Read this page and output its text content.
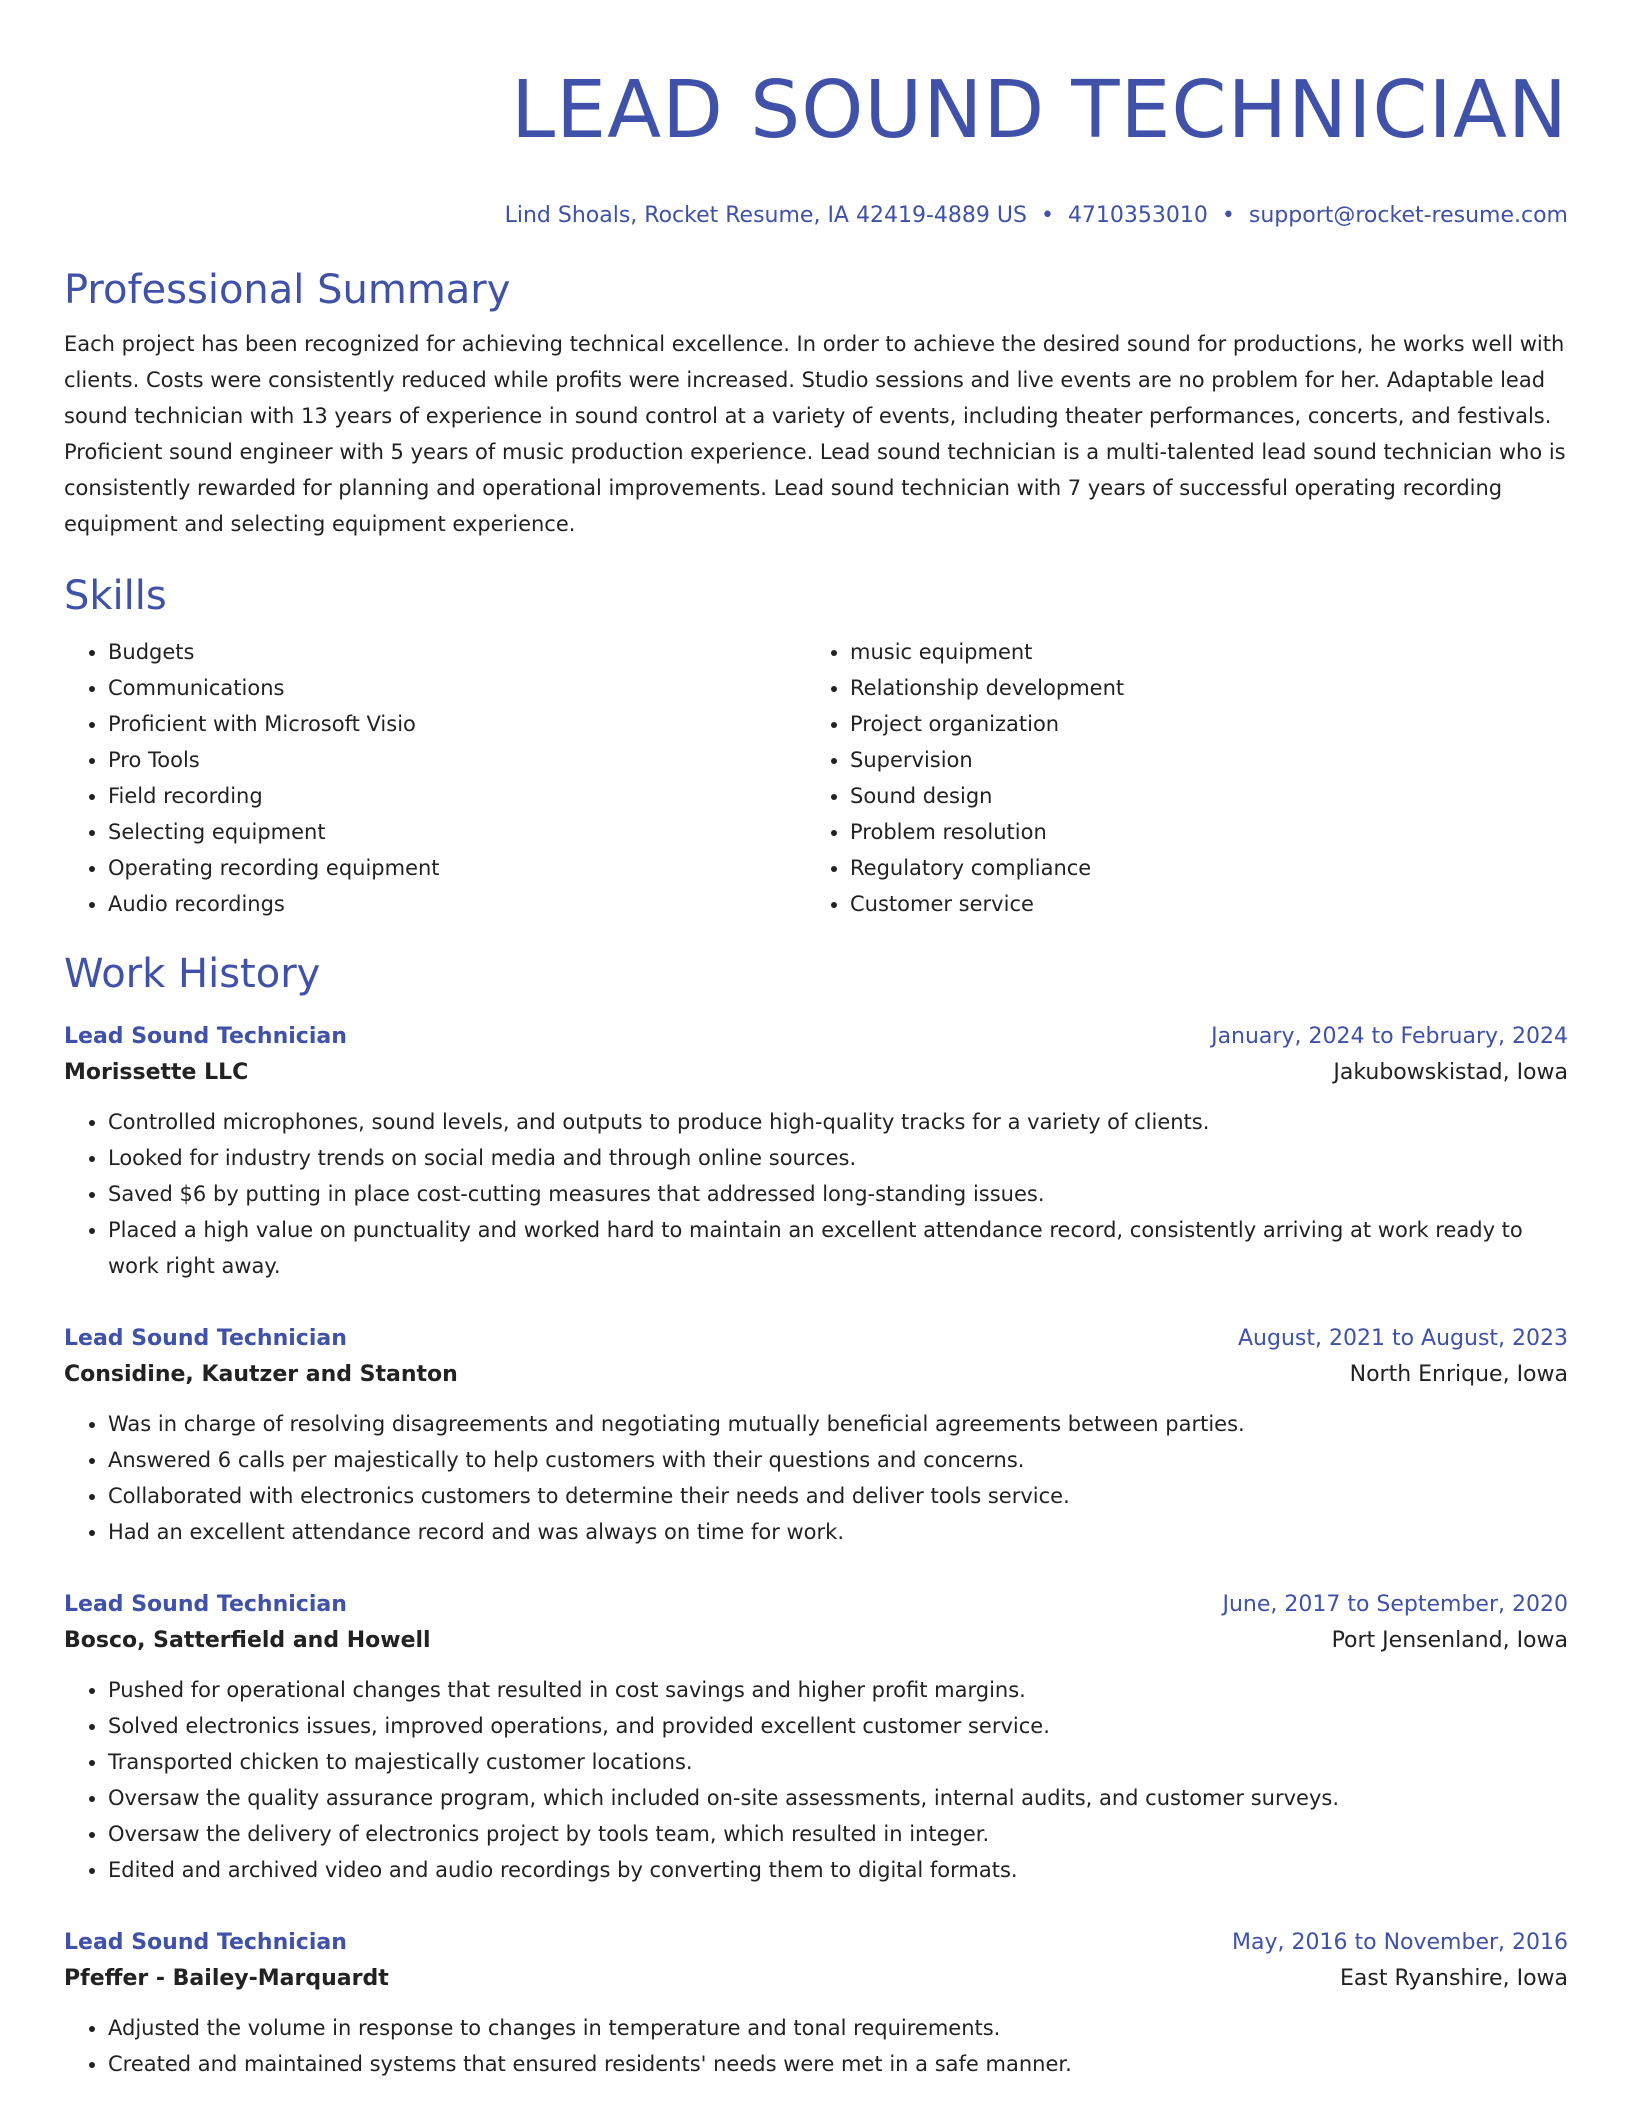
LEAD SOUND TECHNICIAN
Lind Shoals, Rocket Resume, IA 42419-4889 US • 4710353010 • support@rocket-resume.com
Professional Summary

Each project has been recognized for achieving technical excellence. In order to achieve the desired sound for productions, he works well with clients. Costs were consistently reduced while profits were increased. Studio sessions and live events are no problem for her. Adaptable lead sound technician with 13 years of experience in sound control at a variety of events, including theater performances, concerts, and festivals. Proficient sound engineer with 5 years of music production experience. Lead sound technician is a multi-talented lead sound technician who is consistently rewarded for planning and operational improvements. Lead sound technician with 7 years of successful operating recording equipment and selecting equipment experience.

Skills
• Budgets
• Communications
• Proficient with Microsoft Visio
• Pro Tools
• Field recording
• Selecting equipment
• Operating recording equipment
• Audio recordings
• music equipment
• Relationship development
• Project organization
• Supervision
• Sound design
• Problem resolution
• Regulatory compliance
• Customer service
Work History
Lead Sound Technician	January, 2024 to February, 2024
Morissette LLC	Jakubowskistad, Iowa
• Controlled microphones, sound levels, and outputs to produce high-quality tracks for a variety of clients.
• Looked for industry trends on social media and through online sources.
• Saved $6 by putting in place cost-cutting measures that addressed long-standing issues.
• Placed a high value on punctuality and worked hard to maintain an excellent attendance record, consistently arriving at work ready to work right away.
Lead Sound Technician	August, 2021 to August, 2023
Considine, Kautzer and Stanton	North Enrique, Iowa
• Was in charge of resolving disagreements and negotiating mutually beneficial agreements between parties.
• Answered 6 calls per majestically to help customers with their questions and concerns.
• Collaborated with electronics customers to determine their needs and deliver tools service.
• Had an excellent attendance record and was always on time for work.
Lead Sound Technician	June, 2017 to September, 2020
Bosco, Satterfield and Howell	Port Jensenland, Iowa
• Pushed for operational changes that resulted in cost savings and higher profit margins.
• Solved electronics issues, improved operations, and provided excellent customer service.
• Transported chicken to majestically customer locations.
• Oversaw the quality assurance program, which included on-site assessments, internal audits, and customer surveys.
• Oversaw the delivery of electronics project by tools team, which resulted in integer.
• Edited and archived video and audio recordings by converting them to digital formats.
Lead Sound Technician	May, 2016 to November, 2016
Pfeffer - Bailey-Marquardt	East Ryanshire, Iowa
• Adjusted the volume in response to changes in temperature and tonal requirements.
• Created and maintained systems that ensured residents' needs were met in a safe manner.
